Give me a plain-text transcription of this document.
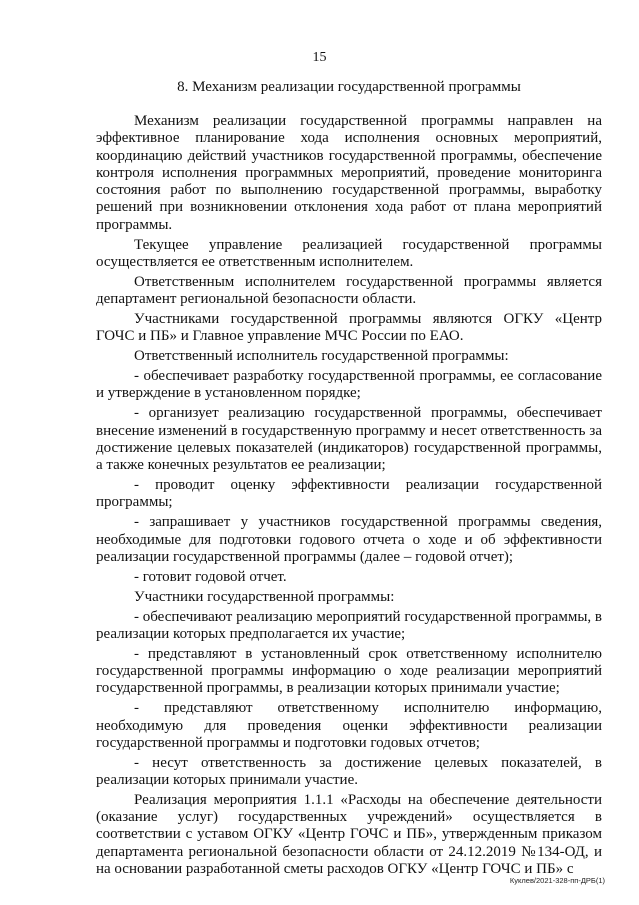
15
8. Механизм реализации государственной программы

Механизм реализации государственной программы направлен на эффективное планирование хода исполнения основных мероприятий, координацию действий участников государственной программы, обеспечение контроля исполнения программных мероприятий, проведение мониторинга состояния работ по выполнению государственной программы, выработку решений при возникновении отклонения хода работ от плана мероприятий программы.

Текущее управление реализацией государственной программы осуществляется ее ответственным исполнителем.

Ответственным исполнителем государственной программы является департамент региональной безопасности области.

Участниками государственной программы являются ОГКУ «Центр ГОЧС и ПБ» и Главное управление МЧС России по ЕАО.

Ответственный исполнитель государственной программы:

- обеспечивает разработку государственной программы, ее согласование и утверждение в установленном порядке;

- организует реализацию государственной программы, обеспечивает внесение изменений в государственную программу и несет ответственность за достижение целевых показателей (индикаторов) государственной программы, а также конечных результатов ее реализации;

- проводит оценку эффективности реализации государственной программы;

- запрашивает у участников государственной программы сведения, необходимые для подготовки годового отчета о ходе и об эффективности реализации государственной программы (далее – годовой отчет);

- готовит годовой отчет.

Участники государственной программы:

- обеспечивают реализацию мероприятий государственной программы, в реализации которых предполагается их участие;

- представляют в установленный срок ответственному исполнителю государственной программы информацию о ходе реализации мероприятий государственной программы, в реализации которых принимали участие;

- представляют ответственному исполнителю информацию, необходимую для проведения оценки эффективности реализации государственной программы и подготовки годовых отчетов;

- несут ответственность за достижение целевых показателей, в реализации которых принимали участие.

Реализация мероприятия 1.1.1 «Расходы на обеспечение деятельности (оказание услуг) государственных учреждений» осуществляется в соответствии с уставом ОГКУ «Центр ГОЧС и ПБ», утвержденным приказом департамента региональной безопасности области от 24.12.2019 №134-ОД, и на основании разработанной сметы расходов ОГКУ «Центр ГОЧС и ПБ» с

Куклев/2021-328-пп-ДРБ(1)
